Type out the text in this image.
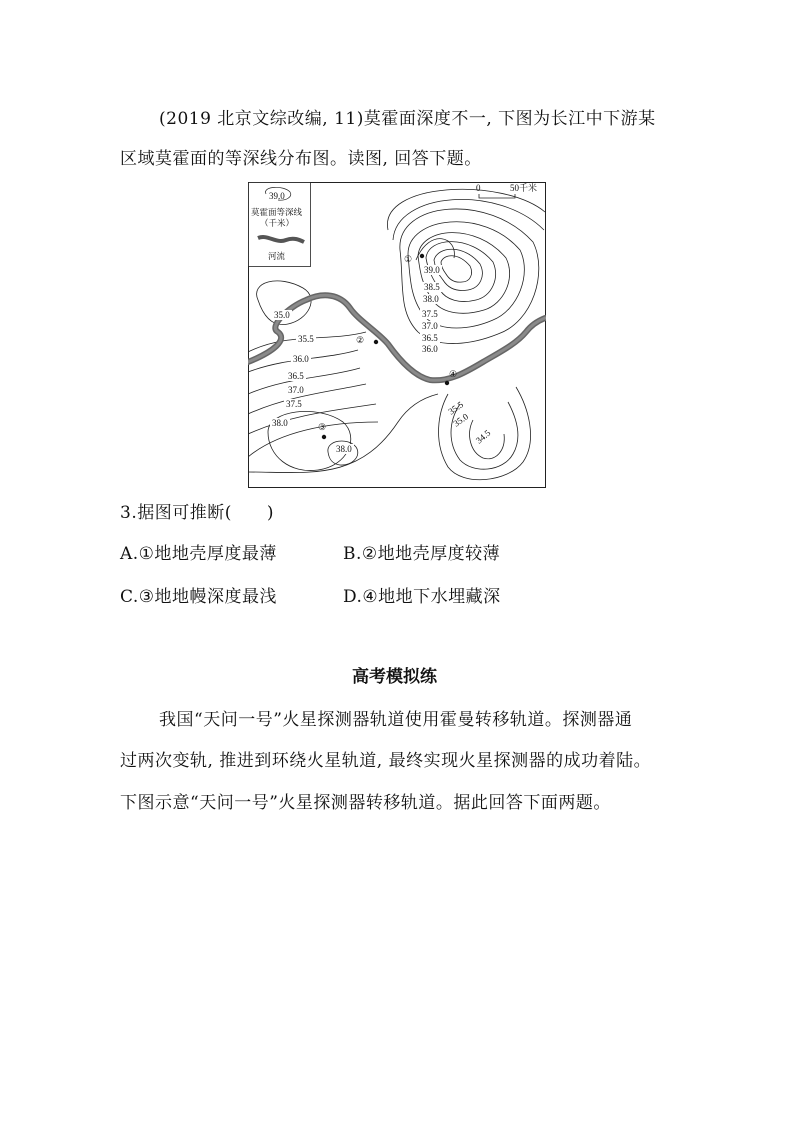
(2019 北京文综改编, 11)莫霍面深度不一, 下图为长江中下游某
区域莫霍面的等深线分布图。读图, 回答下题。
39.0
莫霍面等深线
（千米）
河流
0	50千米
①
②
③
④
39.0
38.5
38.0
37.5
37.0
36.5
36.0
35.0
35.5
36.0
36.5
37.0
37.5
38.0
38.0
35.5
35.0
34.5
3.据图可推断(　　)
A.①地地壳厚度最薄	B.②地地壳厚度较薄
C.③地地幔深度最浅	D.④地地下水埋藏深
高考模拟练
我国“天问一号”火星探测器轨道使用霍曼转移轨道。探测器通
过两次变轨, 推进到环绕火星轨道, 最终实现火星探测器的成功着陆。
下图示意“天问一号”火星探测器转移轨道。据此回答下面两题。
